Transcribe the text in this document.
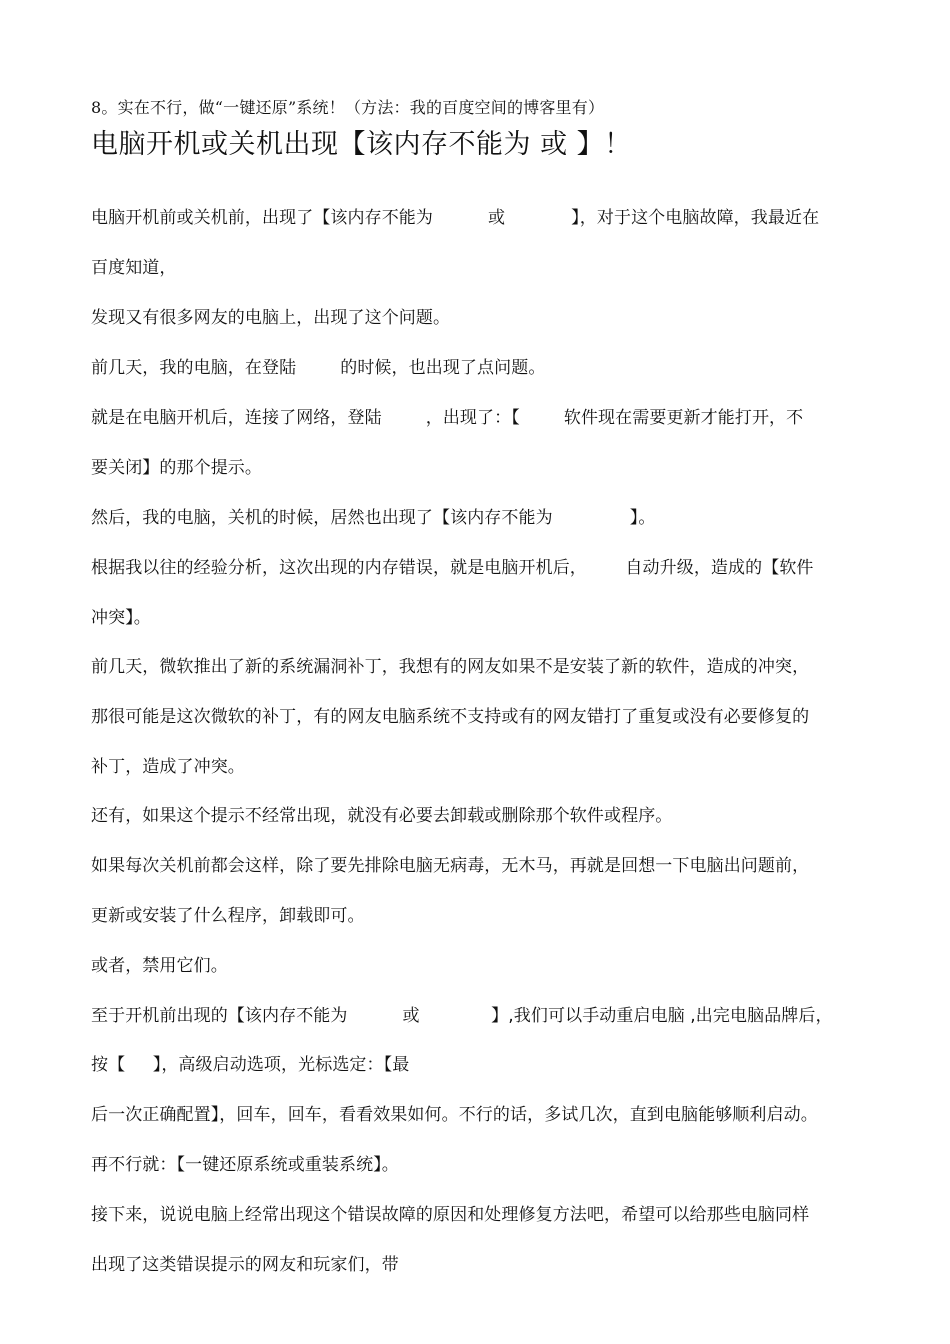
8。实在不行，做“一键还原”系统！（方法：我的百度空间的博客里有）
电脑开机或关机出现【该内存不能为 或 】！
电脑开机前或关机前，出现了【该内存不能为          或            】，对于这个电脑故障，我最近在
百度知道，
发现又有很多网友的电脑上，出现了这个问题。
前几天，我的电脑，在登陆        的时候，也出现了点问题。
就是在电脑开机后，连接了网络，登陆        ，出现了：【        软件现在需要更新才能打开，不
要关闭】的那个提示。
然后，我的电脑，关机的时候，居然也出现了【该内存不能为              】。
根据我以往的经验分析，这次出现的内存错误，就是电脑开机后，       自动升级，造成的【软件
冲突】。
前几天，微软推出了新的系统漏洞补丁，我想有的网友如果不是安装了新的软件，造成的冲突，
那很可能是这次微软的补丁，有的网友电脑系统不支持或有的网友错打了重复或没有必要修复的
补丁，造成了冲突。
还有，如果这个提示不经常出现，就没有必要去卸载或删除那个软件或程序。
如果每次关机前都会这样，除了要先排除电脑无病毒，无木马，再就是回想一下电脑出问题前，
更新或安装了什么程序，卸载即可。
或者，禁用它们。
至于开机前出现的【该内存不能为          或             】,我们可以手动重启电脑 ,出完电脑品牌后，
按【     】，高级启动选项，光标选定：【最
后一次正确配置】，回车，回车，看看效果如何。不行的话，多试几次，直到电脑能够顺利启动。
再不行就：【一键还原系统或重装系统】。
接下来，说说电脑上经常出现这个错误故障的原因和处理修复方法吧，希望可以给那些电脑同样
出现了这类错误提示的网友和玩家们，带
